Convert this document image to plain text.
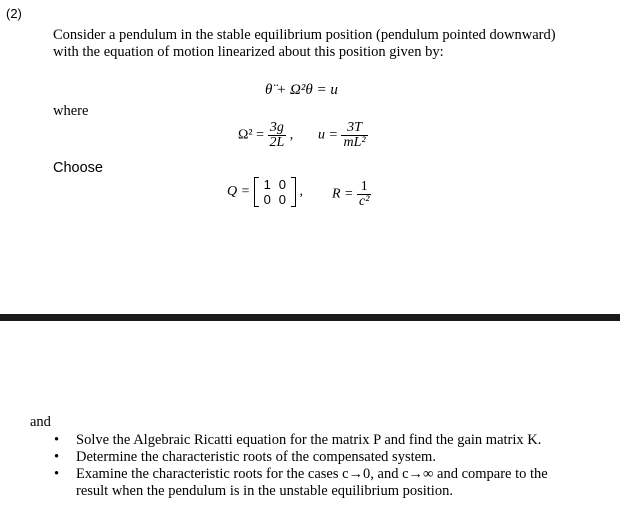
(2)
Consider a pendulum in the stable equilibrium position (pendulum pointed downward)
with the equation of motion linearized about this position given by:
θ̈ + Ω²θ = u
where
$\Omega^2 = \frac{3g}{2L}$ , $u = \frac{3T}{\text{mL²}}$
Choose
Q = 1	0
0	0
, $R = \frac{1}{\text{c²}}$
and
• Solve the Algebraic Ricatti equation for the matrix P and find the gain matrix K.
• Determine the characteristic roots of the compensated system.
• Examine the characteristic roots for the cases c→0, and c→∞ and compare to the
result when the pendulum is in the unstable equilibrium position.
